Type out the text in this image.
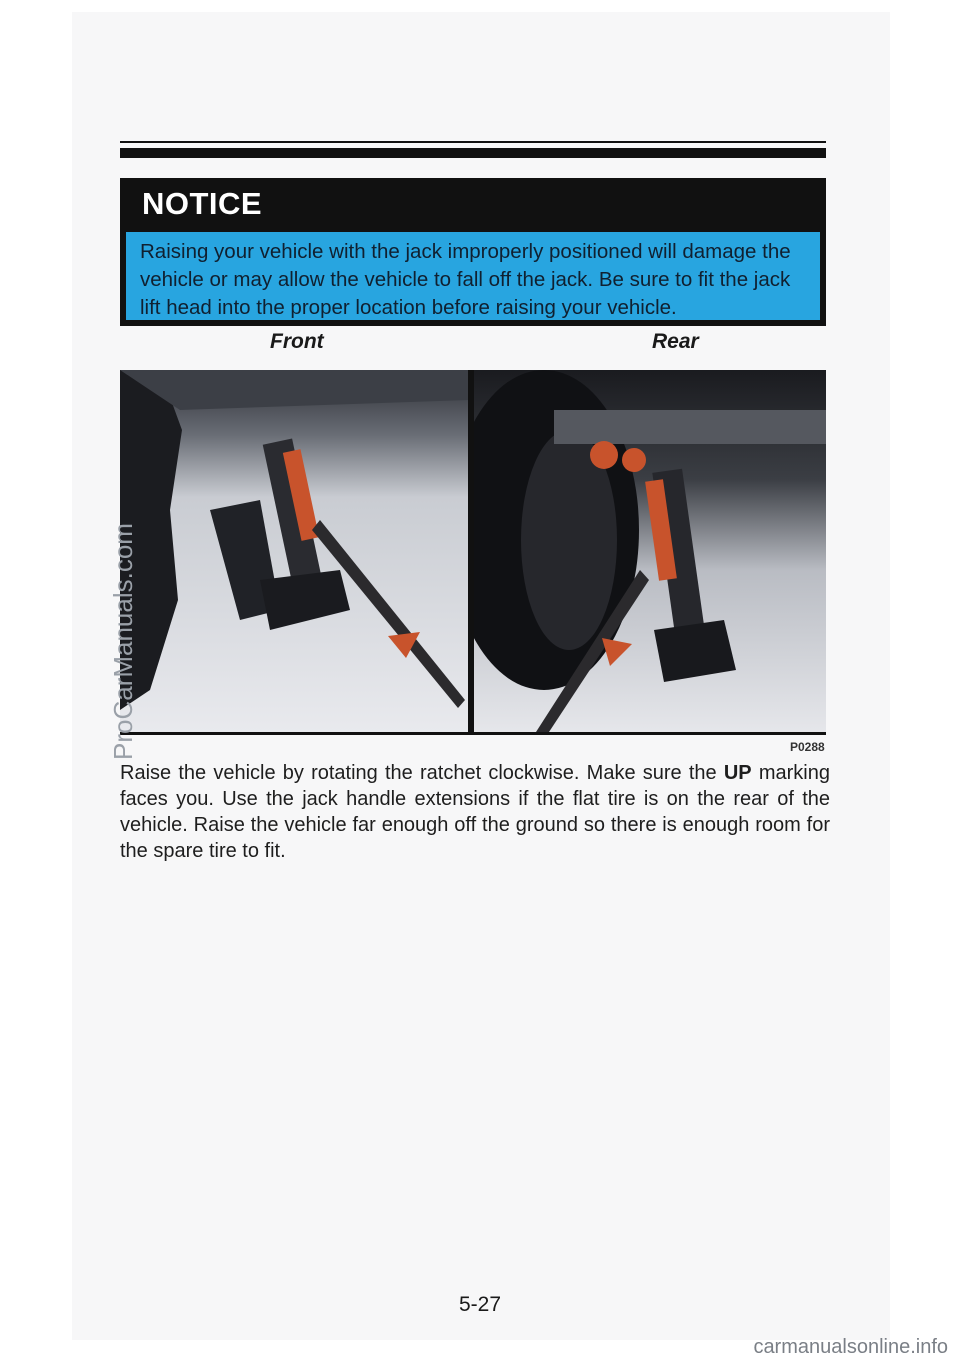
NOTICE
Raising your vehicle with the jack improperly positioned will damage the vehicle or may allow the vehicle to fall off the jack. Be sure to fit the jack lift head into the proper location before raising your vehicle.
Front	Rear
P0288
Raise the vehicle by rotating the ratchet clockwise. Make sure the UP marking faces you. Use the jack handle extensions if the flat tire is on the rear of the vehicle. Raise the vehicle far enough off the ground so there is enough room for the spare tire to fit.
5-27
ProCarManuals.com
carmanualsonline.info
